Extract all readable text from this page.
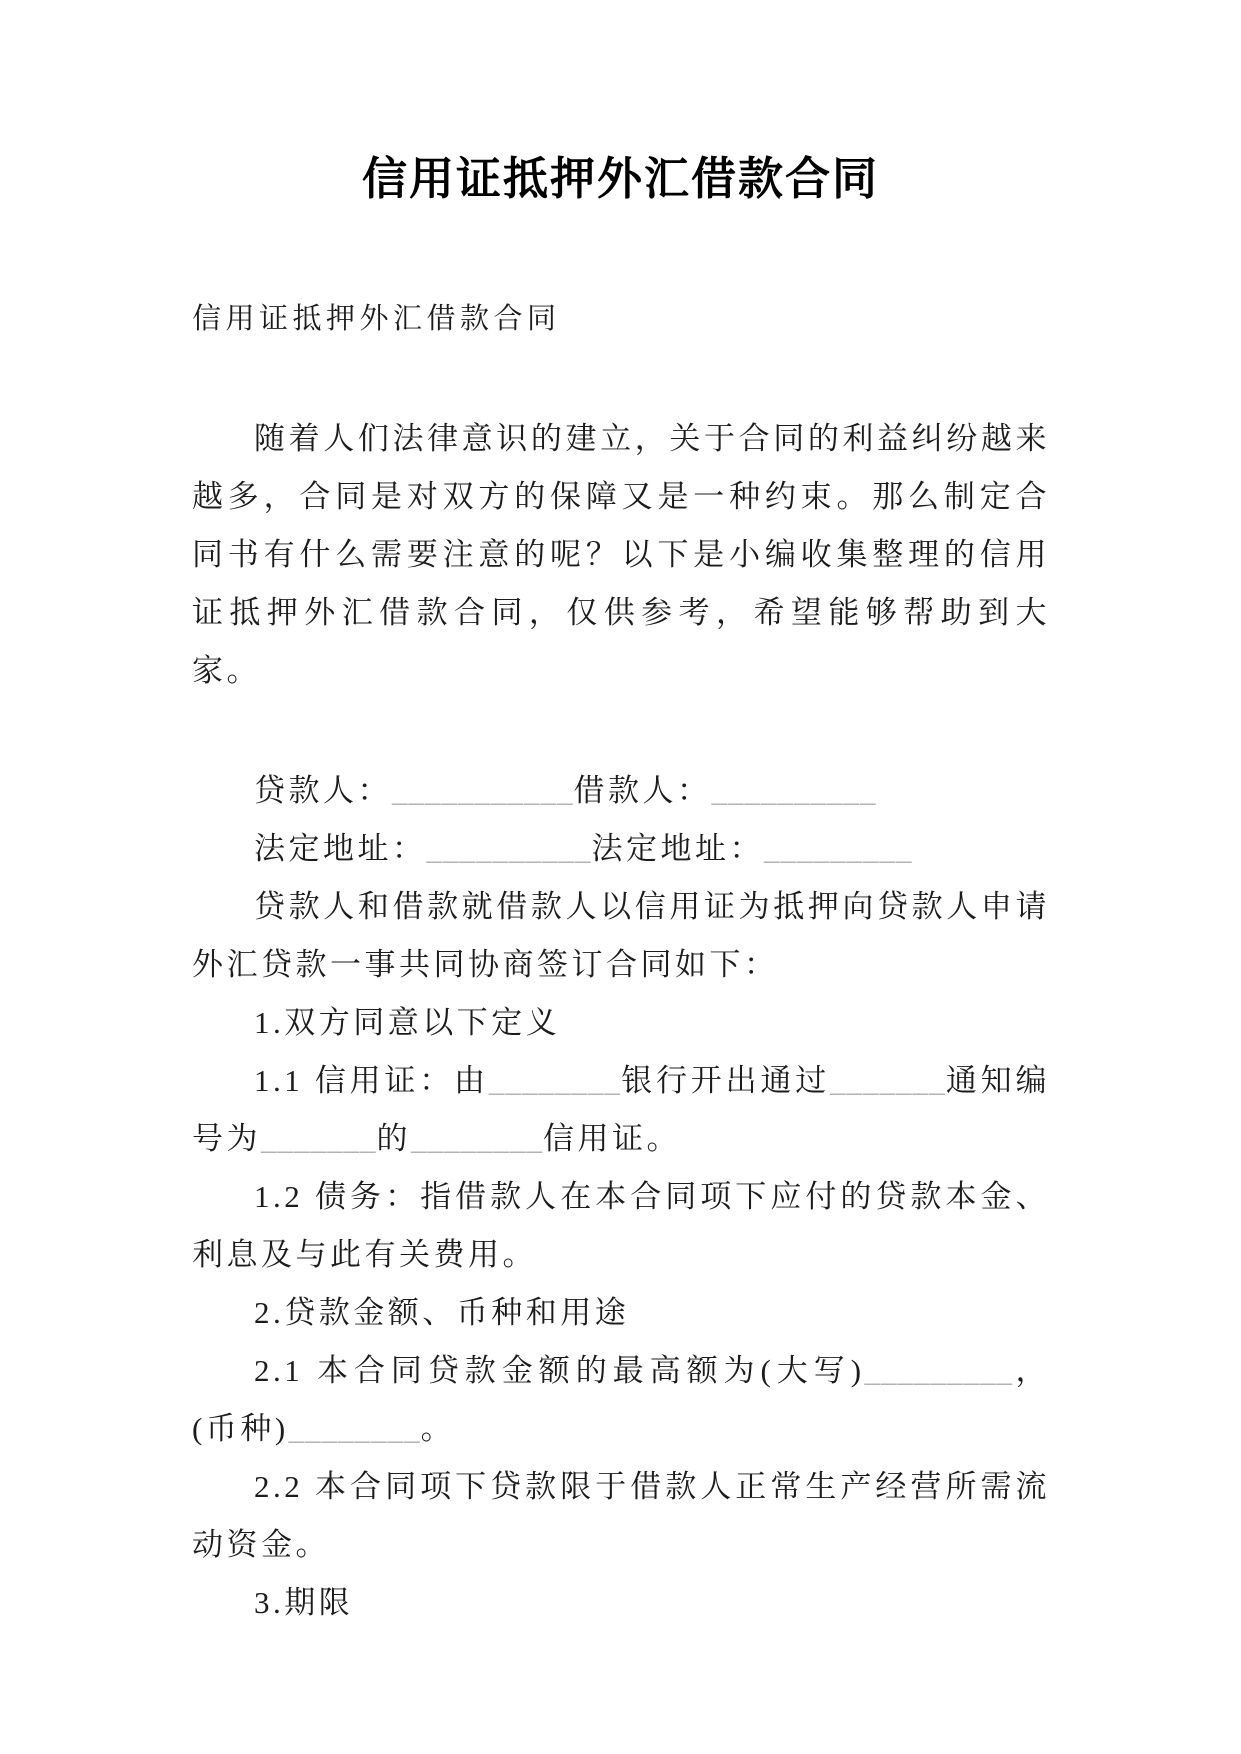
信用证抵押外汇借款合同
信用证抵押外汇借款合同

随着人们法律意识的建立，关于合同的利益纠纷越来越多，合同是对双方的保障又是一种约束。那么制定合同书有什么需要注意的呢？以下是小编收集整理的信用证抵押外汇借款合同，仅供参考，希望能够帮助到大家。

贷款人：___________借款人：__________

法定地址：__________法定地址：_________

贷款人和借款就借款人以信用证为抵押向贷款人申请外汇贷款一事共同协商签订合同如下：

1.双方同意以下定义

1.1 信用证：由________银行开出通过_______通知编号为_______的________信用证。

1.2 债务：指借款人在本合同项下应付的贷款本金、利息及与此有关费用。

2.贷款金额、币种和用途

2.1 本合同贷款金额的最高额为(大写)_________，(币种)________。

2.2 本合同项下贷款限于借款人正常生产经营所需流动资金。

3.期限
